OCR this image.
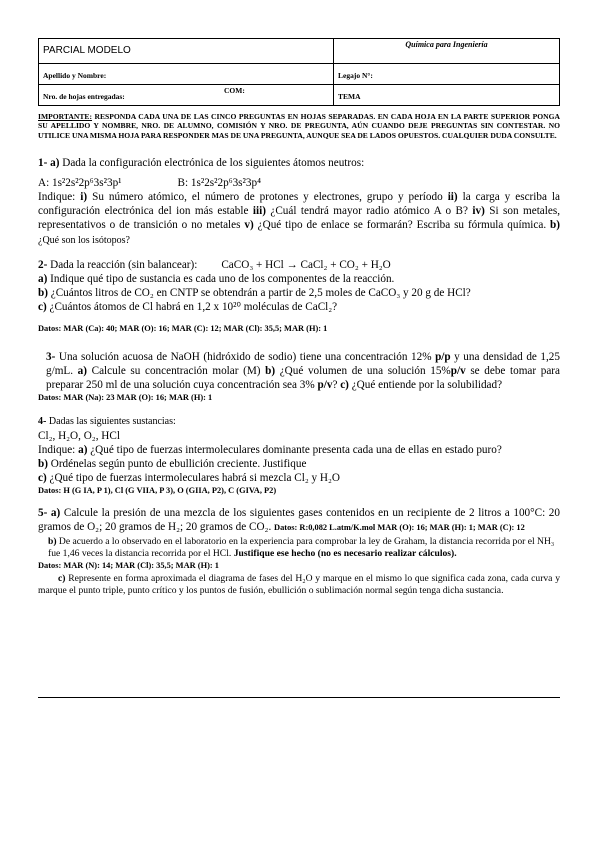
PARCIAL MODELO	Química para Ingeniería

Apellido y Nombre:	Legajo N°:
Nro. de hojas entregadas:
COM:	TEMA
IMPORTANTE: RESPONDA CADA UNA DE LAS CINCO PREGUNTAS EN HOJAS SEPARADAS. EN CADA HOJA EN LA PARTE SUPERIOR PONGA SU APELLIDO Y NOMBRE, NRO. DE ALUMNO, COMISIÓN Y NRO. DE PREGUNTA, AÚN CUANDO DEJE PREGUNTAS SIN CONTESTAR. NO UTILICE UNA MISMA HOJA PARA RESPONDER MAS DE UNA PREGUNTA, AUNQUE SEA DE LADOS OPUESTOS. CUALQUIER DUDA CONSULTE.
1- a) Dada la configuración electrónica de los siguientes átomos neutros:
A: 1s²2s²2p⁶3s²3p¹	B: 1s²2s²2p⁶3s²3p⁴
Indique: i) Su número atómico, el número de protones y electrones, grupo y período ii) la carga y escriba la configuración electrónica del ion más estable iii) ¿Cuál tendrá mayor radio atómico A o B? iv) Si son metales, representativos o de transición o no metales v) ¿Qué tipo de enlace se formarán? Escriba su fórmula química. b) ¿Qué son los isótopos?
2- Dada la reacción (sin balancear): CaCO₃ + HCl → CaCl₂ + CO₂ + H₂O
a) Indique qué tipo de sustancia es cada uno de los componentes de la reacción.
b) ¿Cuántos litros de CO₂ en CNTP se obtendrán a partir de 2,5 moles de CaCO₃ y 20 g de HCl?
c) ¿Cuántos átomos de Cl habrá en 1,2 x 10²⁰ moléculas de CaCl₂?
Datos: MAR (Ca): 40; MAR (O): 16; MAR (C): 12; MAR (Cl): 35,5; MAR (H): 1
3- Una solución acuosa de NaOH (hidróxido de sodio) tiene una concentración 12% p/p y una densidad de 1,25 g/mL. a) Calcule su concentración molar (M) b) ¿Qué volumen de una solución 15%p/v se debe tomar para preparar 250 ml de una solución cuya concentración sea 3% p/v? c) ¿Qué entiende por la solubilidad?
Datos: MAR (Na): 23 MAR (O): 16; MAR (H): 1
4- Dadas las siguientes sustancias:
Cl₂, H₂O, O₂, HCl
Indique: a) ¿Qué tipo de fuerzas intermoleculares dominante presenta cada una de ellas en estado puro?
b) Ordénelas según punto de ebullición creciente. Justifique
c) ¿Qué tipo de fuerzas intermoleculares habrá si mezcla Cl₂ y H₂O
Datos: H (G IA, P 1), Cl (G VIIA, P 3), O (GIIA, P2), C (GIVA, P2)
5- a) Calcule la presión de una mezcla de los siguientes gases contenidos en un recipiente de 2 litros a 100°C: 20 gramos de O₂; 20 gramos de H₂; 20 gramos de CO₂. Datos: R:0,082 L.atm/K.mol MAR (O): 16; MAR (H): 1; MAR (C): 12
b) De acuerdo a lo observado en el laboratorio en la experiencia para comprobar la ley de Graham, la distancia recorrida por el NH₃ fue 1,46 veces la distancia recorrida por el HCl. Justifique ese hecho (no es necesario realizar cálculos).
Datos: MAR (N): 14; MAR (Cl): 35,5; MAR (H): 1
c) Represente en forma aproximada el diagrama de fases del H₂O y marque en el mismo lo que significa cada zona, cada curva y marque el punto triple, punto crítico y los puntos de fusión, ebullición o sublimación normal según tenga dicha sustancia.
